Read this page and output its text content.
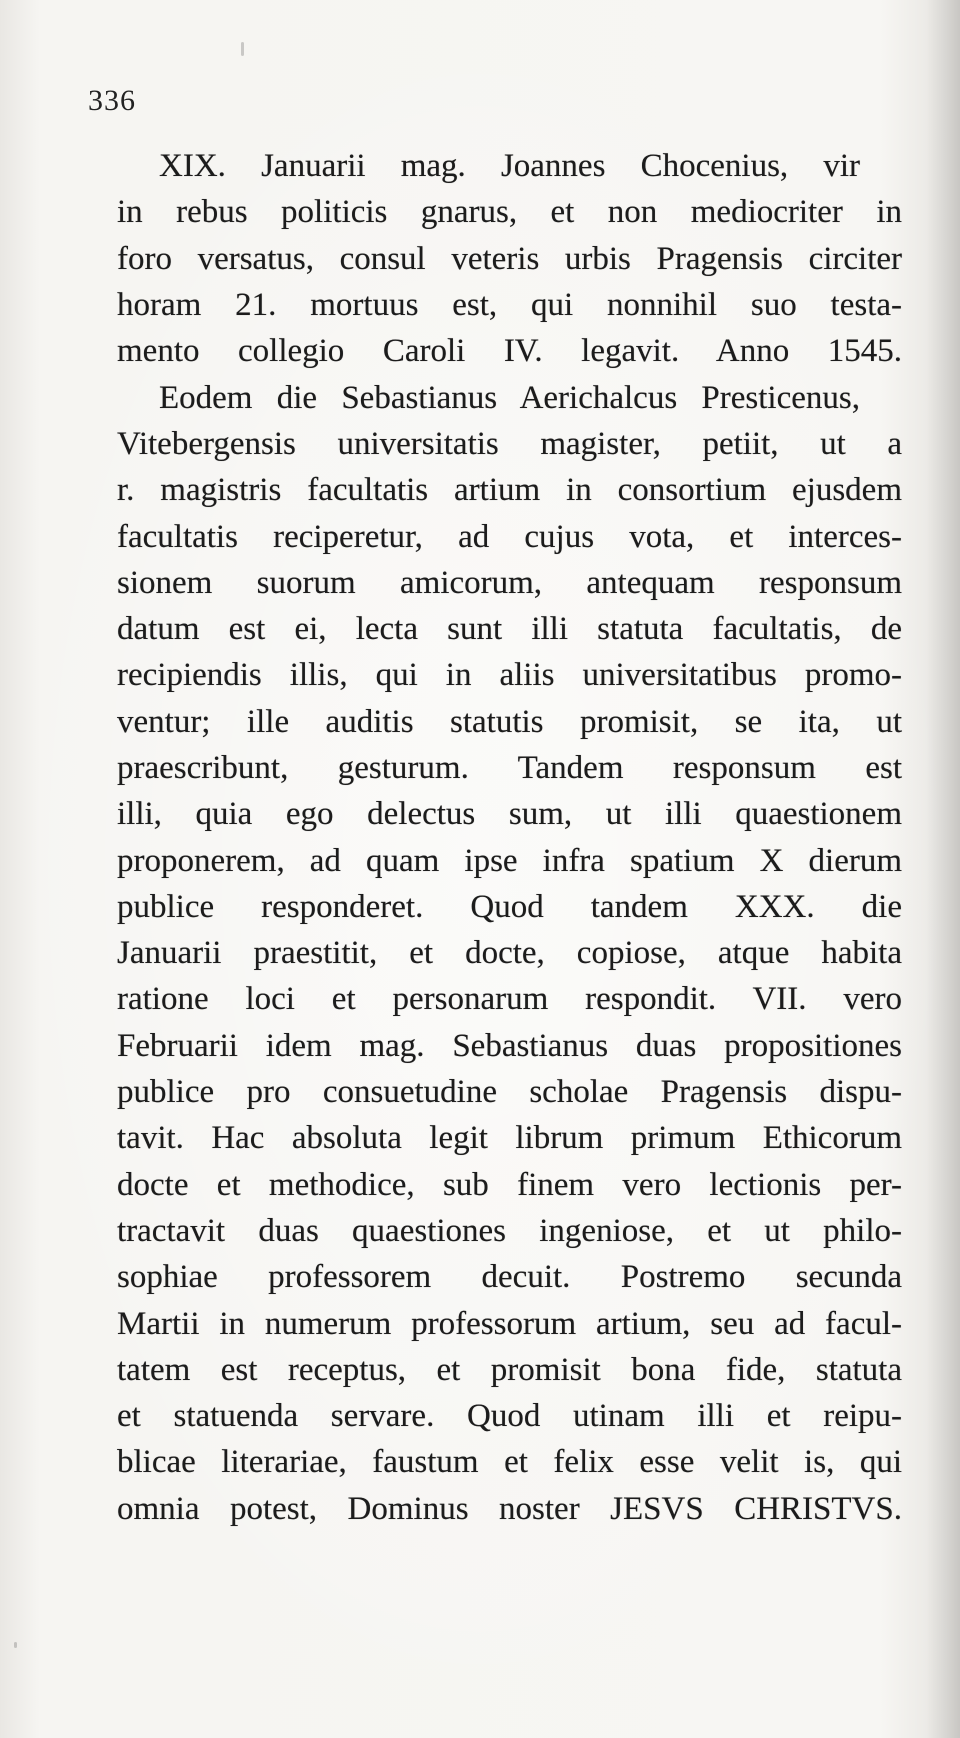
336
XIX. Januarii mag. Joannes Chocenius, vir
in rebus politicis gnarus, et non mediocriter in
foro versatus, consul veteris urbis Pragensis circiter
horam 21. mortuus est, qui nonnihil suo testa-
mento collegio Caroli IV. legavit. Anno 1545.
Eodem die Sebastianus Aerichalcus Presticenus,
Vitebergensis universitatis magister, petiit, ut a
r. magistris facultatis artium in consortium ejusdem
facultatis reciperetur, ad cujus vota, et interces-
sionem suorum amicorum, antequam responsum
datum est ei, lecta sunt illi statuta facultatis, de
recipiendis illis, qui in aliis universitatibus promo-
ventur; ille auditis statutis promisit, se ita, ut
praescribunt, gesturum. Tandem responsum est
illi, quia ego delectus sum, ut illi quaestionem
proponerem, ad quam ipse infra spatium X dierum
publice responderet. Quod tandem XXX. die
Januarii praestitit, et docte, copiose, atque habita
ratione loci et personarum respondit. VII. vero
Februarii idem mag. Sebastianus duas propositiones
publice pro consuetudine scholae Pragensis dispu-
tavit. Hac absoluta legit librum primum Ethicorum
docte et methodice, sub finem vero lectionis per-
tractavit duas quaestiones ingeniose, et ut philo-
sophiae professorem decuit. Postremo secunda
Martii in numerum professorum artium, seu ad facul-
tatem est receptus, et promisit bona fide, statuta
et statuenda servare. Quod utinam illi et reipu-
blicae literariae, faustum et felix esse velit is, qui
omnia potest, Dominus noster JESVS CHRISTVS.
